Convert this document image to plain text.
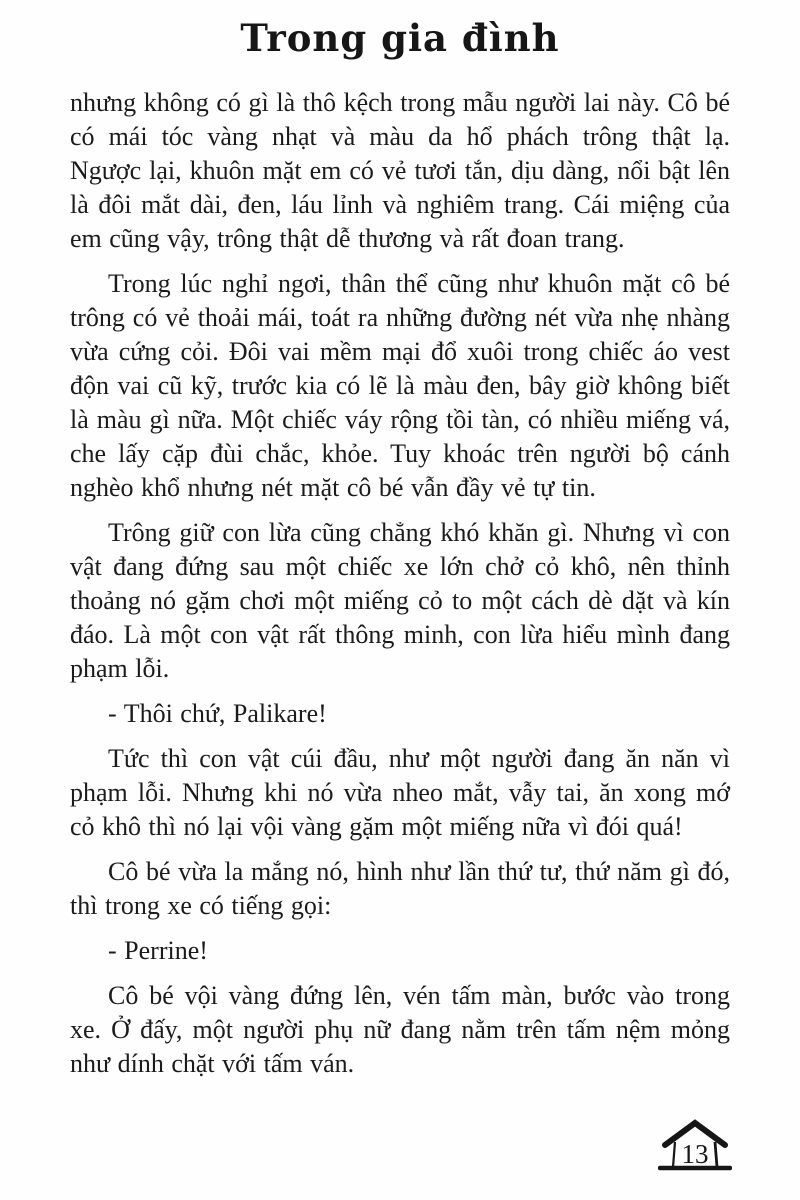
Trong gia đình

nhưng không có gì là thô kệch trong mẫu người lai này. Cô bé có mái tóc vàng nhạt và màu da hổ phách trông thật lạ. Ngược lại, khuôn mặt em có vẻ tươi tắn, dịu dàng, nổi bật lên là đôi mắt dài, đen, láu lỉnh và nghiêm trang. Cái miệng của em cũng vậy, trông thật dễ thương và rất đoan trang.

Trong lúc nghỉ ngơi, thân thể cũng như khuôn mặt cô bé trông có vẻ thoải mái, toát ra những đường nét vừa nhẹ nhàng vừa cứng cỏi. Đôi vai mềm mại đổ xuôi trong chiếc áo vest độn vai cũ kỹ, trước kia có lẽ là màu đen, bây giờ không biết là màu gì nữa. Một chiếc váy rộng tồi tàn, có nhiều miếng vá, che lấy cặp đùi chắc, khỏe. Tuy khoác trên người bộ cánh nghèo khổ nhưng nét mặt cô bé vẫn đầy vẻ tự tin.

Trông giữ con lừa cũng chẳng khó khăn gì. Nhưng vì con vật đang đứng sau một chiếc xe lớn chở cỏ khô, nên thỉnh thoảng nó gặm chơi một miếng cỏ to một cách dè dặt và kín đáo. Là một con vật rất thông minh, con lừa hiểu mình đang phạm lỗi.

- Thôi chứ, Palikare!

Tức thì con vật cúi đầu, như một người đang ăn năn vì phạm lỗi. Nhưng khi nó vừa nheo mắt, vẫy tai, ăn xong mớ cỏ khô thì nó lại vội vàng gặm một miếng nữa vì đói quá!

Cô bé vừa la mắng nó, hình như lần thứ tư, thứ năm gì đó, thì trong xe có tiếng gọi:

- Perrine!

Cô bé vội vàng đứng lên, vén tấm màn, bước vào trong xe. Ở đấy, một người phụ nữ đang nằm trên tấm nệm mỏng như dính chặt với tấm ván.

13
